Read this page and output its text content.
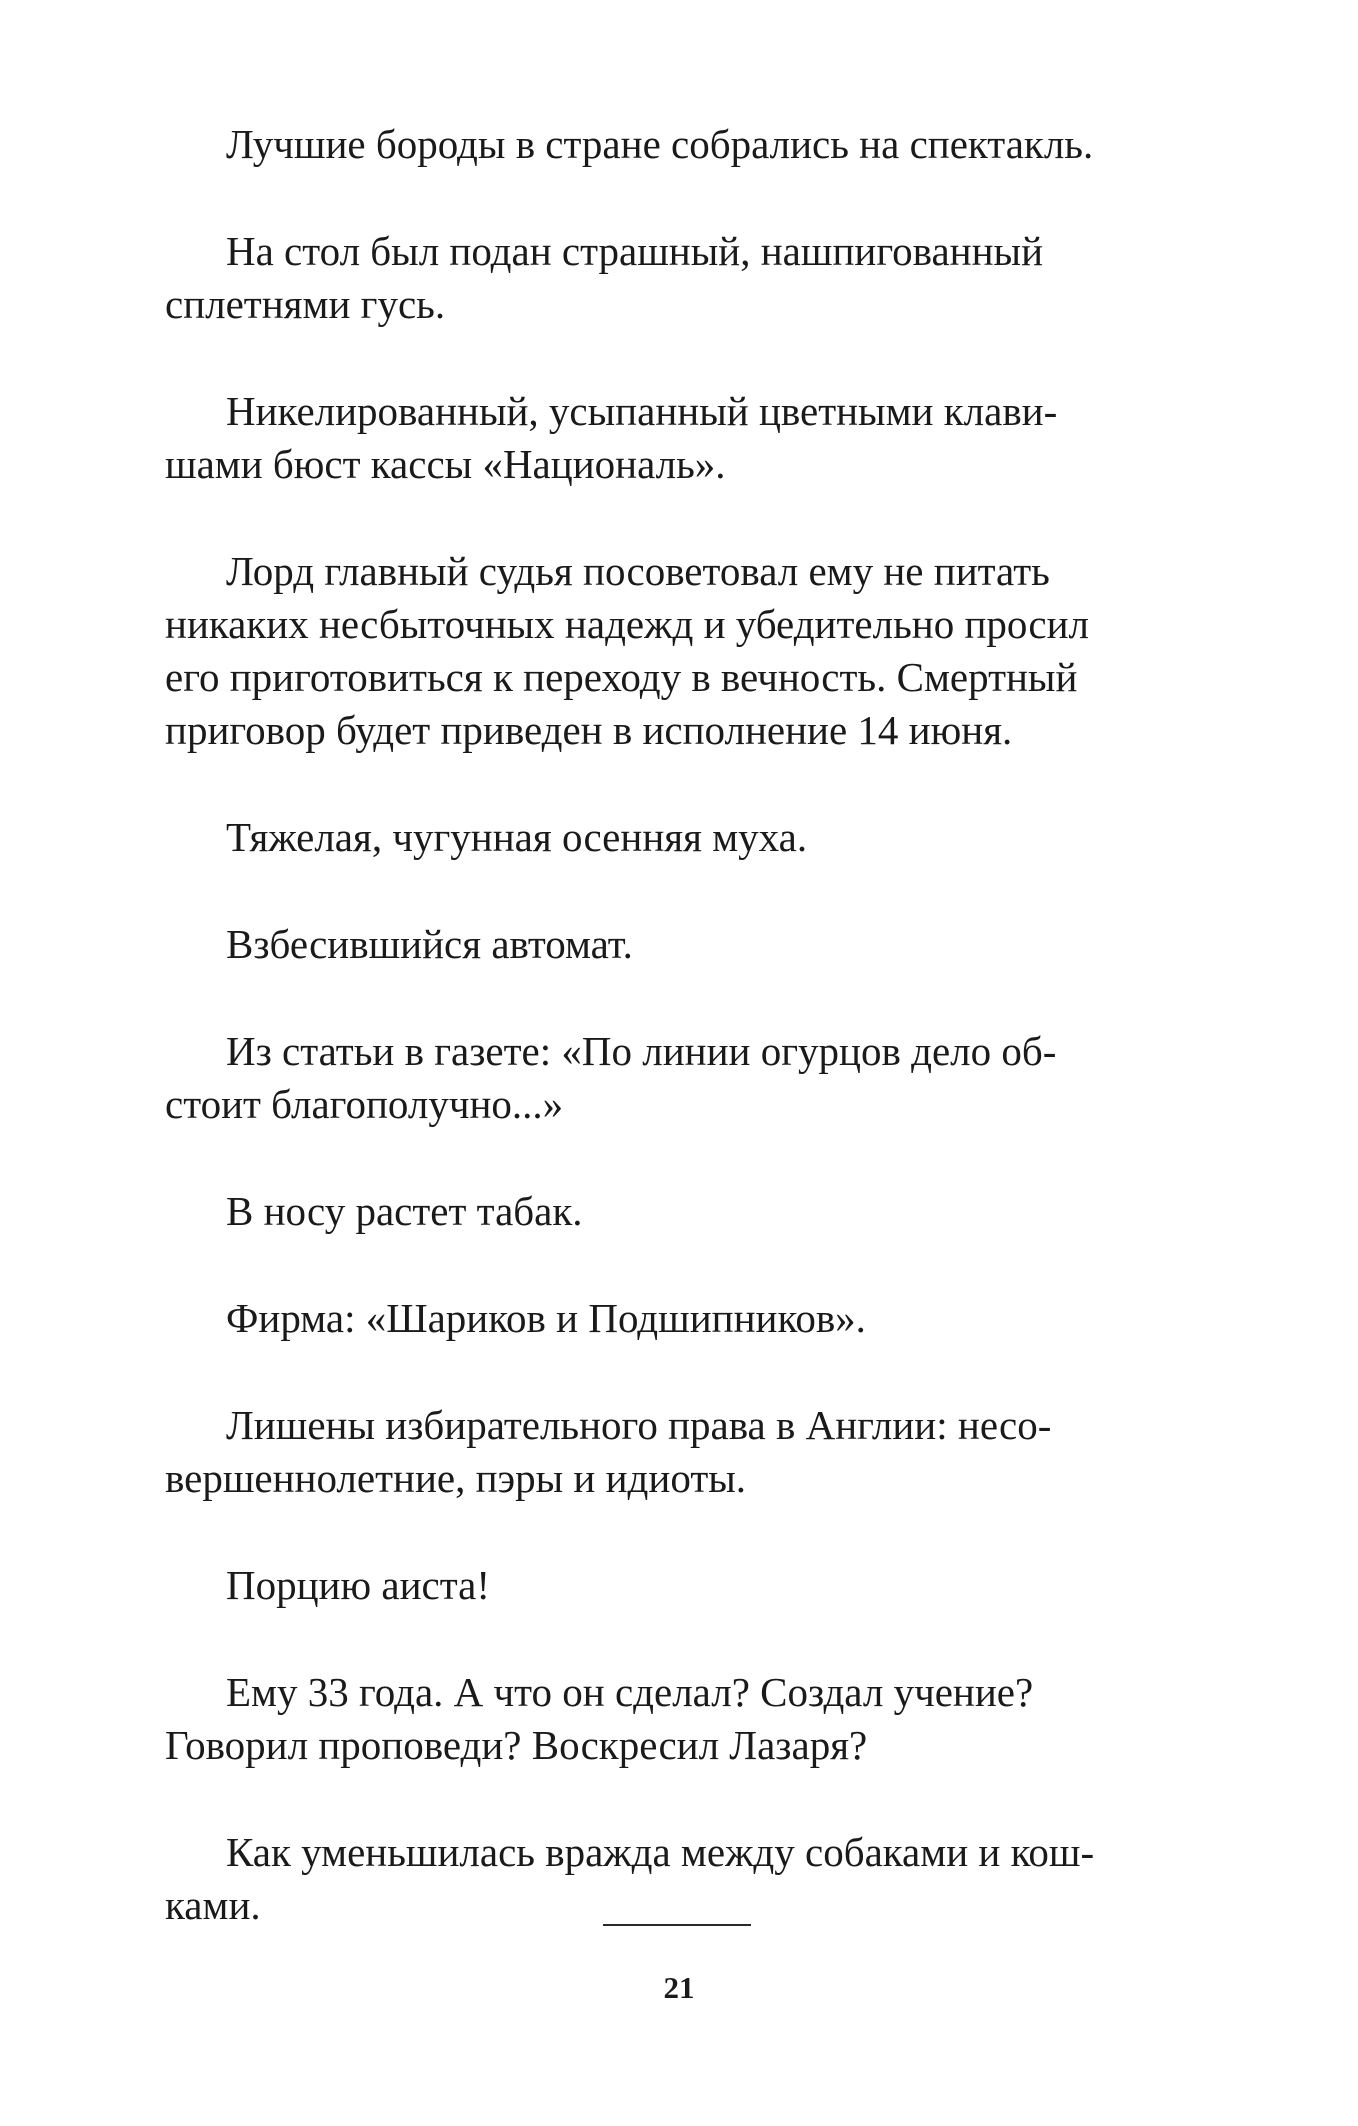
Лучшие бороды в стране собрались на спектакль.

На стол был подан страшный, нашпигованный
сплетнями гусь.

Никелированный, усыпанный цветными клави-
шами бюст кассы «Националь».

Лорд главный судья посоветовал ему не питать
никаких несбыточных надежд и убедительно просил
его приготовиться к переходу в вечность. Смертный
приговор будет приведен в исполнение 14 июня.

Тяжелая, чугунная осенняя муха.

Взбесившийся автомат.

Из статьи в газете: «По линии огурцов дело об-
стоит благополучно...»

В носу растет табак.

Фирма: «Шариков и Подшипников».

Лишены избирательного права в Англии: несо-
вершеннолетние, пэры и идиоты.

Порцию аиста!

Ему 33 года. А что он сделал? Создал учение?
Говорил проповеди? Воскресил Лазаря?

Как уменьшилась вражда между собаками и кош-
ками.

21
